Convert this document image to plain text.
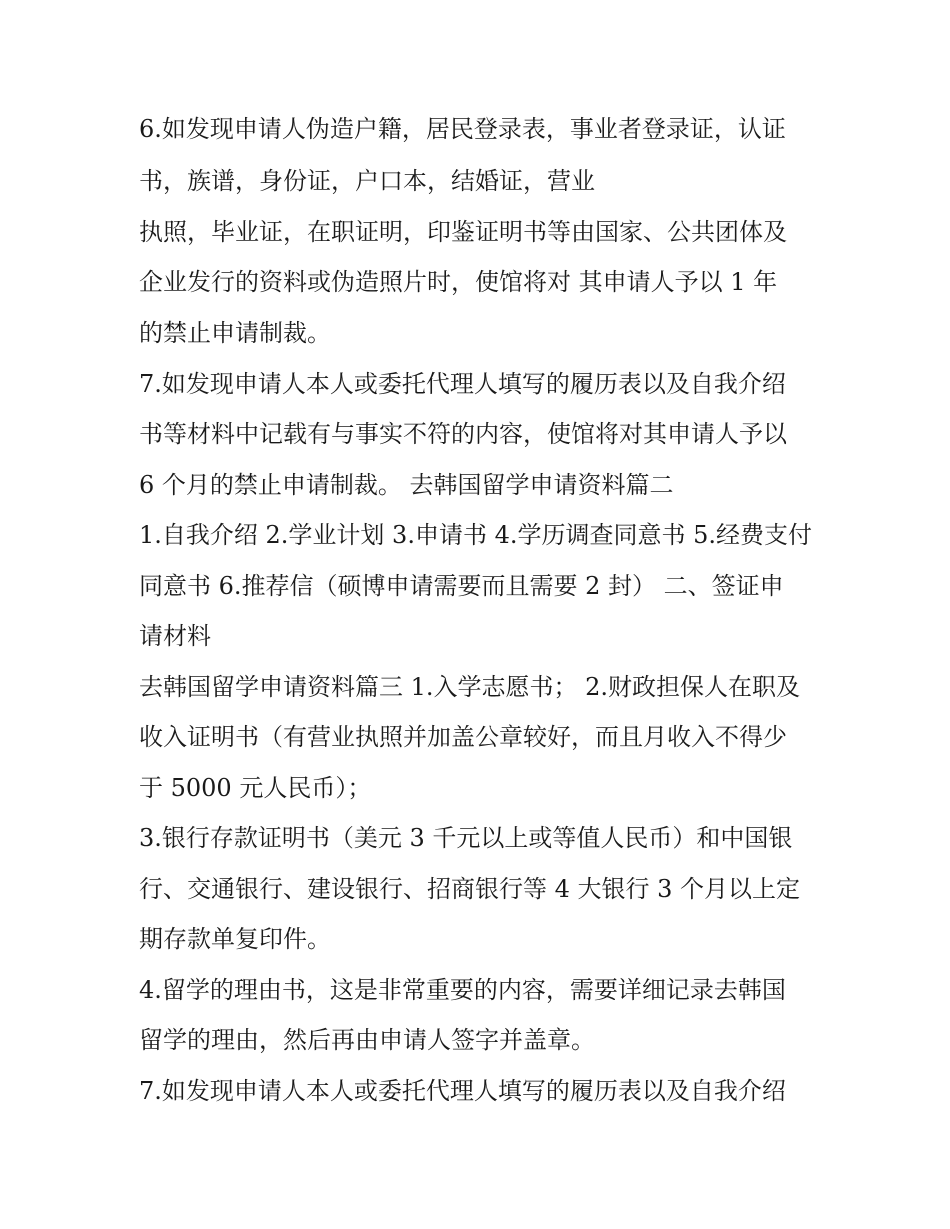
6.如发现申请人伪造户籍，居民登录表，事业者登录证，认证

书，族谱，身份证，户口本，结婚证，营业

执照，毕业证，在职证明，印鉴证明书等由国家、公共团体及

企业发行的资料或伪造照片时，使馆将对 其申请人予以 1 年

的禁止申请制裁。

7.如发现申请人本人或委托代理人填写的履历表以及自我介绍

书等材料中记载有与事实不符的内容，使馆将对其申请人予以

6 个月的禁止申请制裁。 去韩国留学申请资料篇二

1.自我介绍 2.学业计划 3.申请书 4.学历调查同意书 5.经费支付

同意书 6.推荐信（硕博申请需要而且需要 2 封） 二、签证申

请材料

去韩国留学申请资料篇三 1.入学志愿书； 2.财政担保人在职及

收入证明书（有营业执照并加盖公章较好，而且月收入不得少

于 5000 元人民币）；

3.银行存款证明书（美元 3 千元以上或等值人民币）和中国银

行、交通银行、建设银行、招商银行等 4 大银行 3 个月以上定

期存款单复印件。

4.留学的理由书，这是非常重要的内容，需要详细记录去韩国

留学的理由，然后再由申请人签字并盖章。

7.如发现申请人本人或委托代理人填写的履历表以及自我介绍
